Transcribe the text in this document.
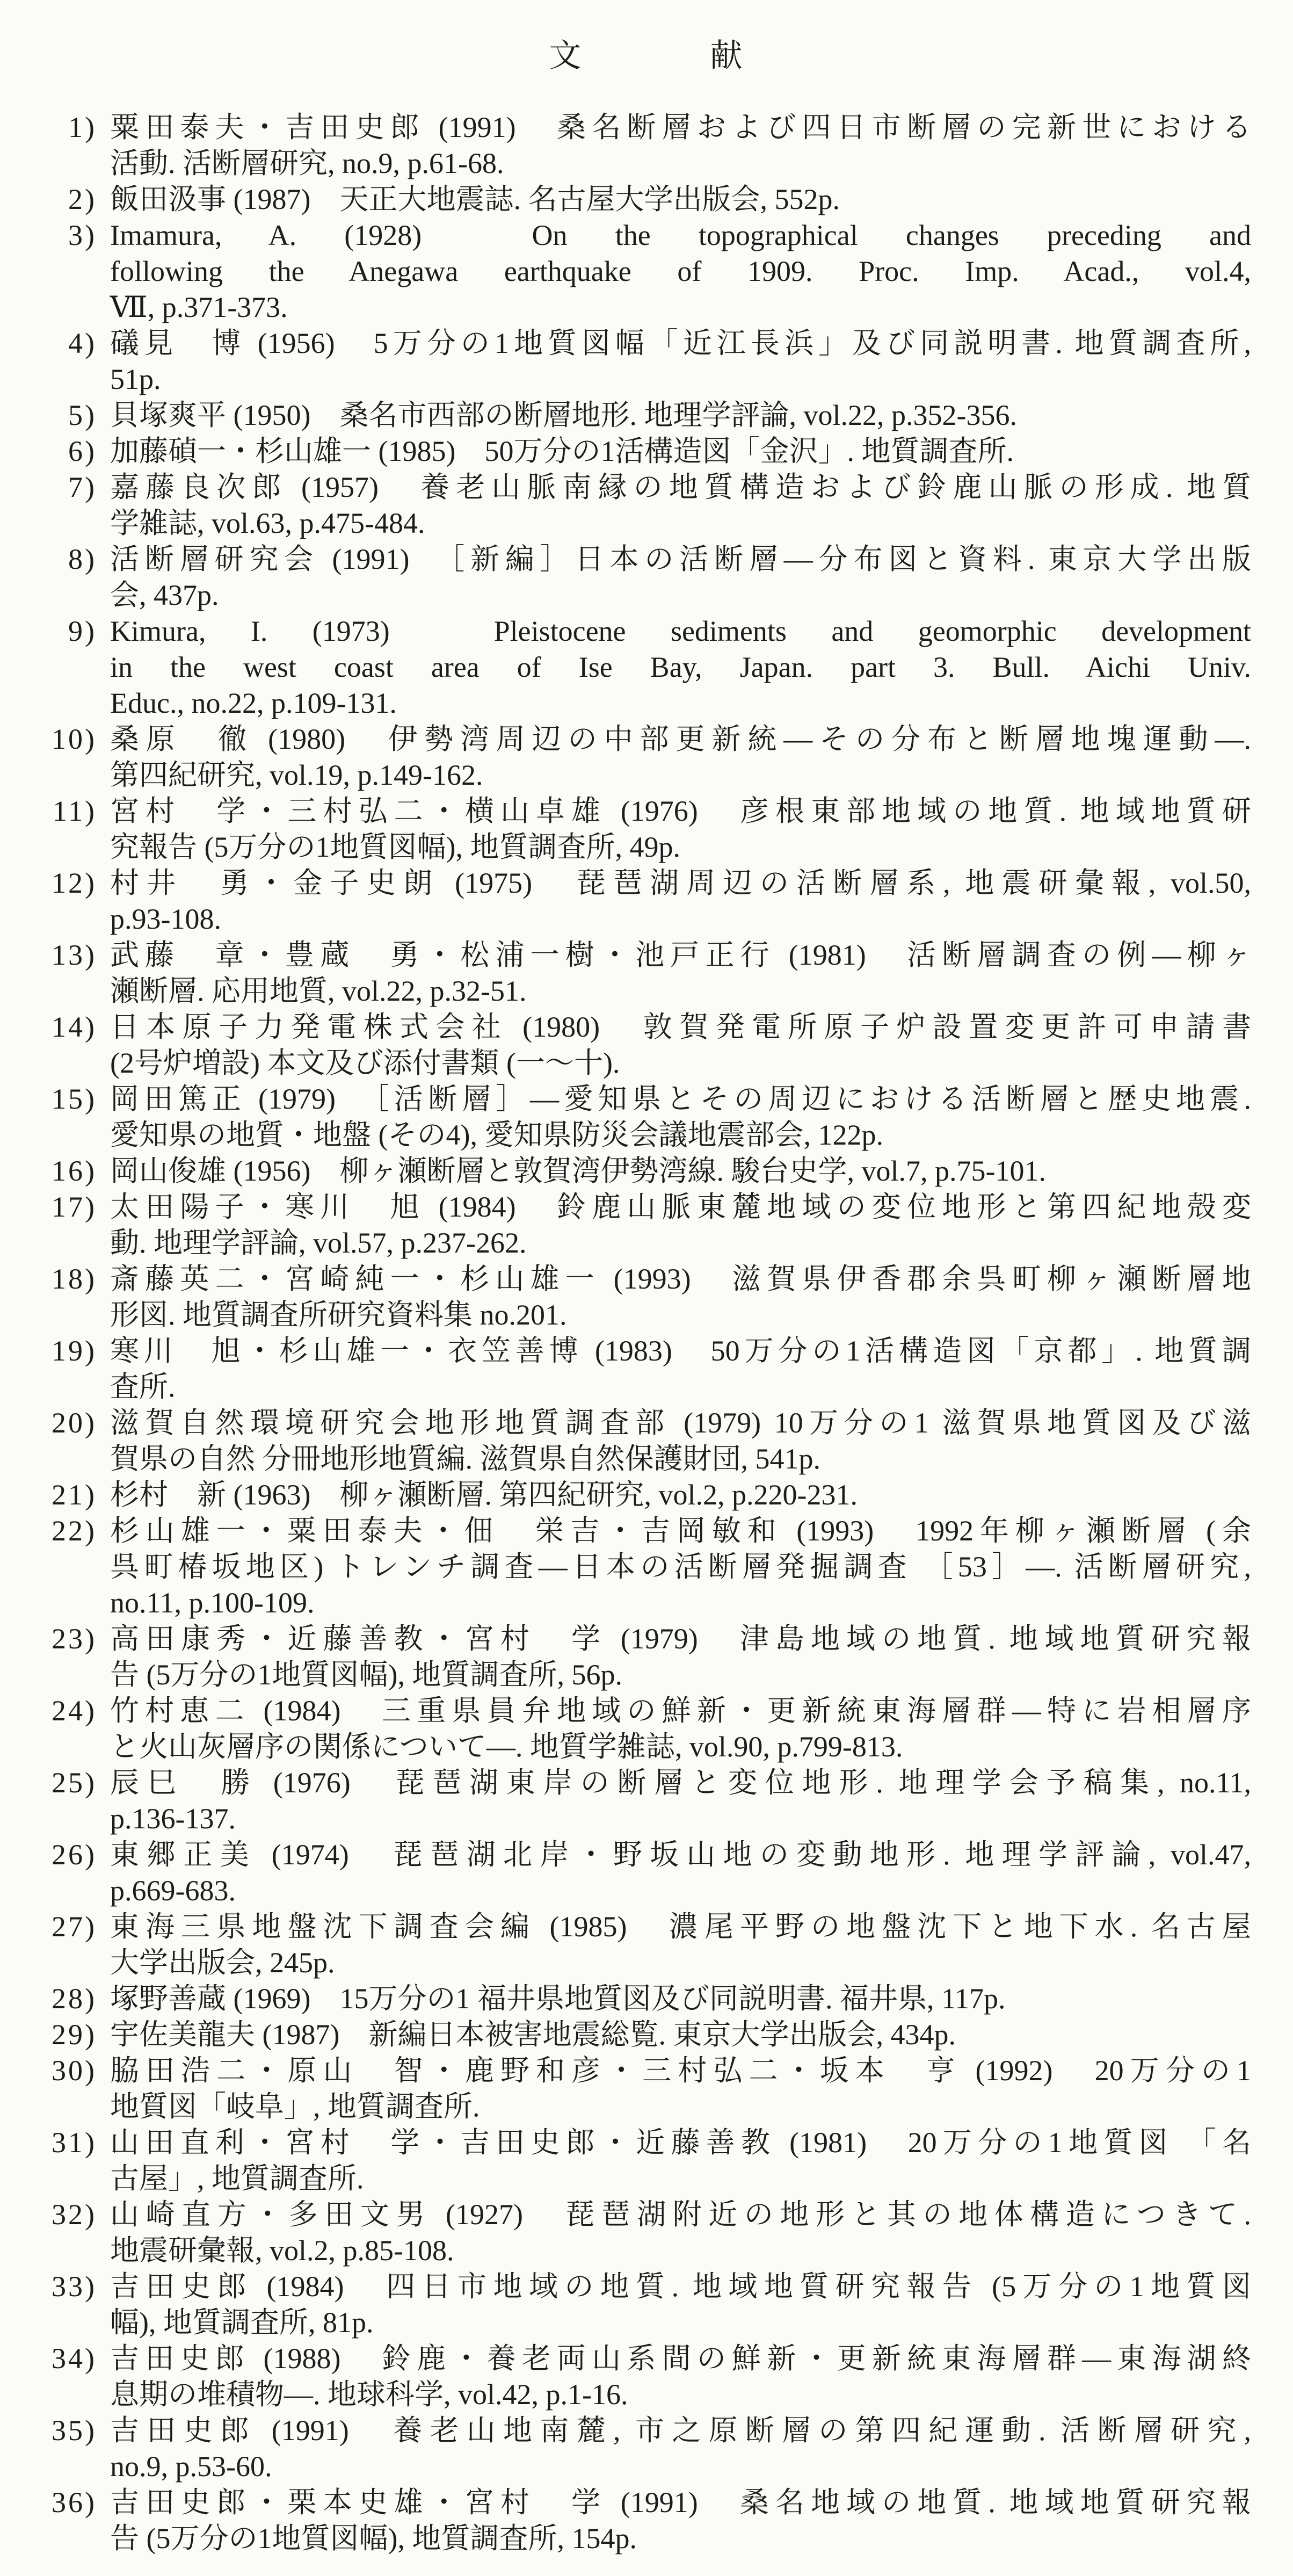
文　　　　献
1) 粟田泰夫・吉田史郎 (1991)　桑名断層および四日市断層の完新世における
活動. 活断層研究, no.9, p.61-68.
2) 飯田汲事 (1987)　天正大地震誌. 名古屋大学出版会, 552p.
3) Imamura, A. (1928)　On the topographical changes preceding and
following the Anegawa earthquake of 1909. Proc. Imp. Acad., vol.4,
Ⅶ, p.371-373.
4) 礒見　博 (1956)　5万分の1地質図幅「近江長浜」及び同説明書. 地質調査所,
51p.
5) 貝塚爽平 (1950)　桑名市西部の断層地形. 地理学評論, vol.22, p.352-356.
6) 加藤碵一・杉山雄一 (1985)　50万分の1活構造図「金沢」. 地質調査所.
7) 嘉藤良次郎 (1957)　養老山脈南縁の地質構造および鈴鹿山脈の形成. 地質
学雑誌, vol.63, p.475-484.
8) 活断層研究会 (1991)　［新編］日本の活断層―分布図と資料. 東京大学出版
会, 437p.
9) Kimura, I. (1973)　Pleistocene sediments and geomorphic development
in the west coast area of Ise Bay, Japan. part 3. Bull. Aichi Univ.
Educ., no.22, p.109-131.
10) 桑原　徹 (1980)　伊勢湾周辺の中部更新統―その分布と断層地塊運動―.
第四紀研究, vol.19, p.149-162.
11) 宮村　学・三村弘二・横山卓雄 (1976)　彦根東部地域の地質. 地域地質研
究報告 (5万分の1地質図幅), 地質調査所, 49p.
12) 村井　勇・金子史朗 (1975)　琵琶湖周辺の活断層系, 地震研彙報, vol.50,
p.93-108.
13) 武藤　章・豊蔵　勇・松浦一樹・池戸正行 (1981)　活断層調査の例―柳ヶ
瀬断層. 応用地質, vol.22, p.32-51.
14) 日本原子力発電株式会社 (1980)　敦賀発電所原子炉設置変更許可申請書
(2号炉増設) 本文及び添付書類 (一～十).
15) 岡田篤正 (1979)　［活断層］―愛知県とその周辺における活断層と歴史地震.
愛知県の地質・地盤 (その4), 愛知県防災会議地震部会, 122p.
16) 岡山俊雄 (1956)　柳ヶ瀬断層と敦賀湾伊勢湾線. 駿台史学, vol.7, p.75-101.
17) 太田陽子・寒川　旭 (1984)　鈴鹿山脈東麓地域の変位地形と第四紀地殻変
動. 地理学評論, vol.57, p.237-262.
18) 斎藤英二・宮崎純一・杉山雄一 (1993)　滋賀県伊香郡余呉町柳ヶ瀬断層地
形図. 地質調査所研究資料集 no.201.
19) 寒川　旭・杉山雄一・衣笠善博 (1983)　50万分の1活構造図「京都」. 地質調
査所.
20) 滋賀自然環境研究会地形地質調査部 (1979) 10万分の1 滋賀県地質図及び滋
賀県の自然 分冊地形地質編. 滋賀県自然保護財団, 541p.
21) 杉村　新 (1963)　柳ヶ瀬断層. 第四紀研究, vol.2, p.220-231.
22) 杉山雄一・粟田泰夫・佃　栄吉・吉岡敏和 (1993)　1992年柳ヶ瀬断層 (余
呉町椿坂地区) トレンチ調査―日本の活断層発掘調査 ［53］―. 活断層研究,
no.11, p.100-109.
23) 高田康秀・近藤善教・宮村　学 (1979)　津島地域の地質. 地域地質研究報
告 (5万分の1地質図幅), 地質調査所, 56p.
24) 竹村恵二 (1984)　三重県員弁地域の鮮新・更新統東海層群―特に岩相層序
と火山灰層序の関係について―. 地質学雑誌, vol.90, p.799-813.
25) 辰巳　勝 (1976)　琵琶湖東岸の断層と変位地形. 地理学会予稿集, no.11,
p.136-137.
26) 東郷正美 (1974)　琵琶湖北岸・野坂山地の変動地形. 地理学評論, vol.47,
p.669-683.
27) 東海三県地盤沈下調査会編 (1985)　濃尾平野の地盤沈下と地下水. 名古屋
大学出版会, 245p.
28) 塚野善蔵 (1969)　15万分の1 福井県地質図及び同説明書. 福井県, 117p.
29) 宇佐美龍夫 (1987)　新編日本被害地震総覧. 東京大学出版会, 434p.
30) 脇田浩二・原山　智・鹿野和彦・三村弘二・坂本　亨 (1992)　20万分の1
地質図「岐阜」, 地質調査所.
31) 山田直利・宮村　学・吉田史郎・近藤善教 (1981)　20万分の1地質図 「名
古屋」, 地質調査所.
32) 山崎直方・多田文男 (1927)　琵琶湖附近の地形と其の地体構造につきて.
地震研彙報, vol.2, p.85-108.
33) 吉田史郎 (1984)　四日市地域の地質. 地域地質研究報告 (5万分の1地質図
幅), 地質調査所, 81p.
34) 吉田史郎 (1988)　鈴鹿・養老両山系間の鮮新・更新統東海層群―東海湖終
息期の堆積物―. 地球科学, vol.42, p.1-16.
35) 吉田史郎 (1991)　養老山地南麓, 市之原断層の第四紀運動. 活断層研究,
no.9, p.53-60.
36) 吉田史郎・栗本史雄・宮村　学 (1991)　桑名地域の地質. 地域地質研究報
告 (5万分の1地質図幅), 地質調査所, 154p.
